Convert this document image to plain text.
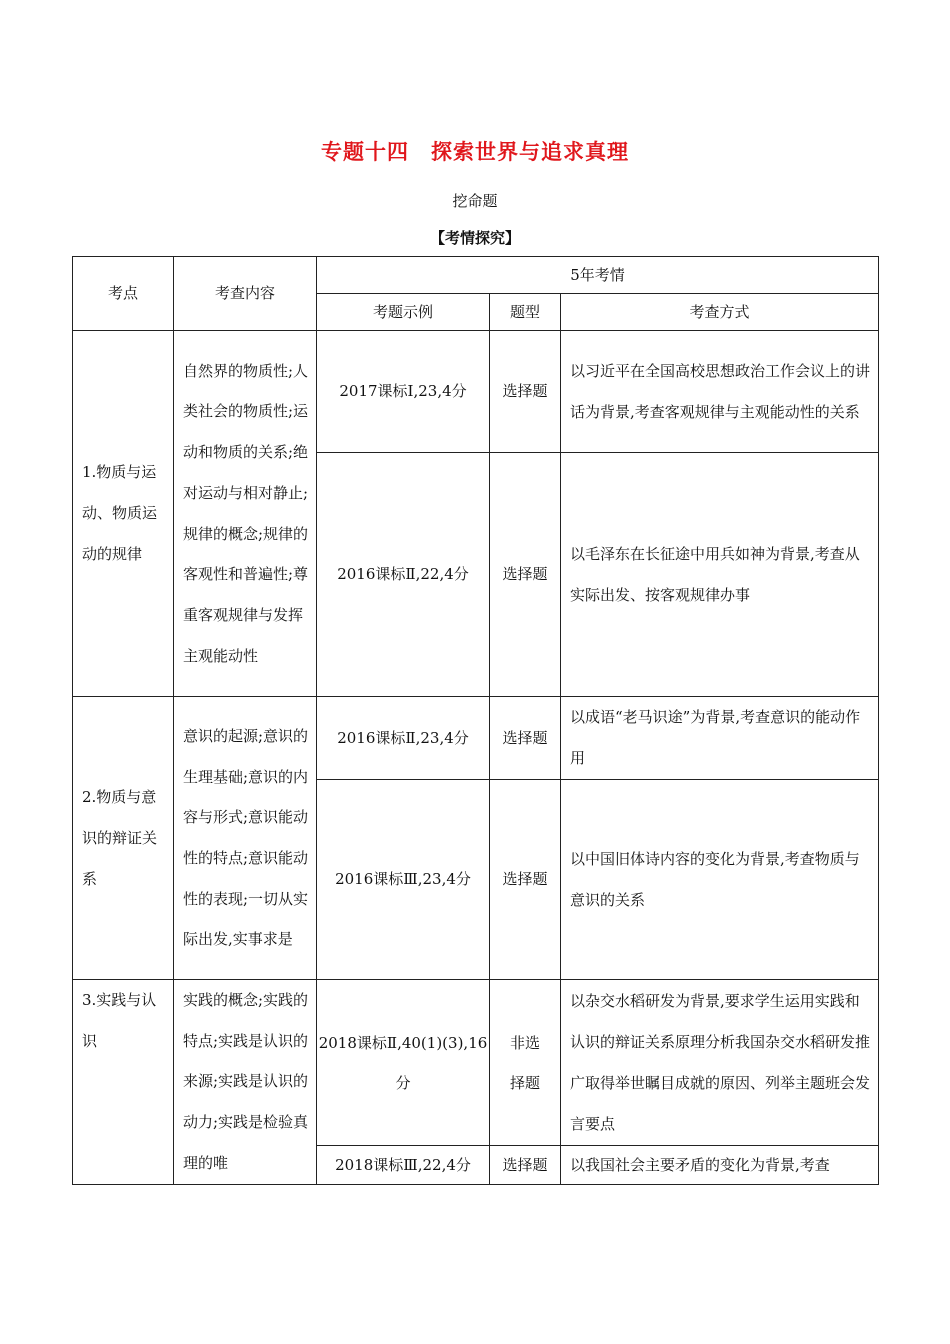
专题十四　探索世界与追求真理
挖命题
【考情探究】
考点	考查内容	5年考情		
		考题示例	题型	考查方式
1.物质与运动、物质运动的规律	自然界的物质性;人类社会的物质性;运动和物质的关系;绝对运动与相对静止;规律的概念;规律的客观性和普遍性;尊重客观规律与发挥主观能动性	2017课标Ⅰ,23,4分	选择题	以习近平在全国高校思想政治工作会议上的讲话为背景,考查客观规律与主观能动性的关系
		2016课标Ⅱ,22,4分	选择题	以毛泽东在长征途中用兵如神为背景,考查从实际出发、按客观规律办事
2.物质与意识的辩证关系	意识的起源;意识的生理基础;意识的内容与形式;意识能动性的特点;意识能动性的表现;一切从实际出发,实事求是	2016课标Ⅱ,23,4分	选择题	以成语“老马识途”为背景,考查意识的能动作用
		2016课标Ⅲ,23,4分	选择题	以中国旧体诗内容的变化为背景,考查物质与意识的关系
3.实践与认识	实践的概念;实践的特点;实践是认识的来源;实践是认识的动力;实践是检验真理的唯	2018课标Ⅱ,40(1)(3),16分	非选择题	以杂交水稻研发为背景,要求学生运用实践和认识的辩证关系原理分析我国杂交水稻研发推广取得举世瞩目成就的原因、列举主题班会发言要点
		2018课标Ⅲ,22,4分	选择题	以我国社会主要矛盾的变化为背景,考查
